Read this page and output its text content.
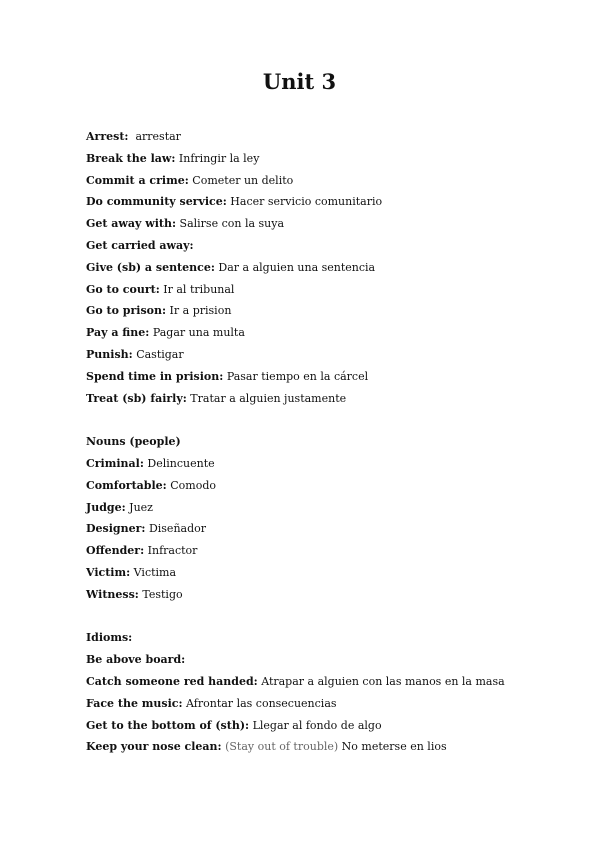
Unit 3
Arrest:  arrestar
Break the law: Infringir la ley
Commit a crime: Cometer un delito
Do community service: Hacer servicio comunitario
Get away with: Salirse con la suya
Get carried away:
Give (sb) a sentence: Dar a alguien una sentencia
Go to court: Ir al tribunal
Go to prison: Ir a prision
Pay a fine: Pagar una multa
Punish: Castigar
Spend time in prision: Pasar tiempo en la cárcel
Treat (sb) fairly: Tratar a alguien justamente
Nouns (people)
Criminal: Delincuente
Comfortable: Comodo
Judge: Juez
Designer: Diseñador
Offender: Infractor
Victim: Victima
Witness: Testigo
Idioms:
Be above board:
Catch someone red handed: Atrapar a alguien con las manos en la masa
Face the music: Afrontar las consecuencias
Get to the bottom of (sth): Llegar al fondo de algo
Keep your nose clean: (Stay out of trouble) No meterse en lios
